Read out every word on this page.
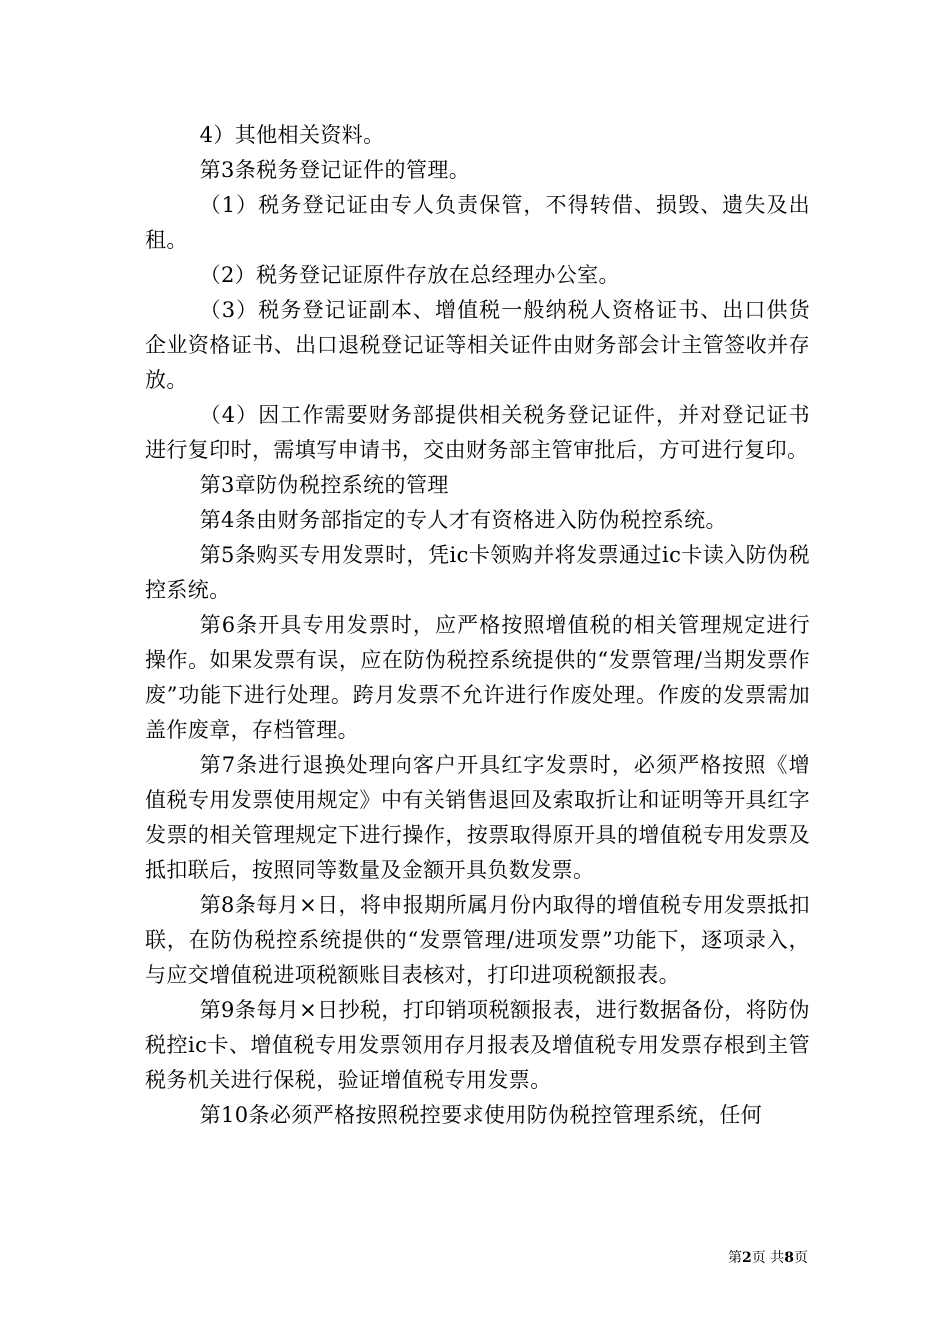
4）其他相关资料。

第3条税务登记证件的管理。

（1）税务登记证由专人负责保管，不得转借、损毁、遗失及出租。

（2）税务登记证原件存放在总经理办公室。

（3）税务登记证副本、增值税一般纳税人资格证书、出口供货企业资格证书、出口退税登记证等相关证件由财务部会计主管签收并存放。

（4）因工作需要财务部提供相关税务登记证件，并对登记证书进行复印时，需填写申请书，交由财务部主管审批后，方可进行复印。

第3章防伪税控系统的管理

第4条由财务部指定的专人才有资格进入防伪税控系统。

第5条购买专用发票时，凭ic卡领购并将发票通过ic卡读入防伪税控系统。

第6条开具专用发票时，应严格按照增值税的相关管理规定进行操作。如果发票有误，应在防伪税控系统提供的“发票管理/当期发票作废”功能下进行处理。跨月发票不允许进行作废处理。作废的发票需加盖作废章，存档管理。

第7条进行退换处理向客户开具红字发票时，必须严格按照《增值税专用发票使用规定》中有关销售退回及索取折让和证明等开具红字发票的相关管理规定下进行操作，按票取得原开具的增值税专用发票及抵扣联后，按照同等数量及金额开具负数发票。

第8条每月×日，将申报期所属月份内取得的增值税专用发票抵扣联，在防伪税控系统提供的“发票管理/进项发票”功能下，逐项录入，与应交增值税进项税额账目表核对，打印进项税额报表。

第9条每月×日抄税，打印销项税额报表，进行数据备份，将防伪税控ic卡、增值税专用发票领用存月报表及增值税专用发票存根到主管税务机关进行保税，验证增值税专用发票。

第10条必须严格按照税控要求使用防伪税控管理系统，任何

第2页 共8页
